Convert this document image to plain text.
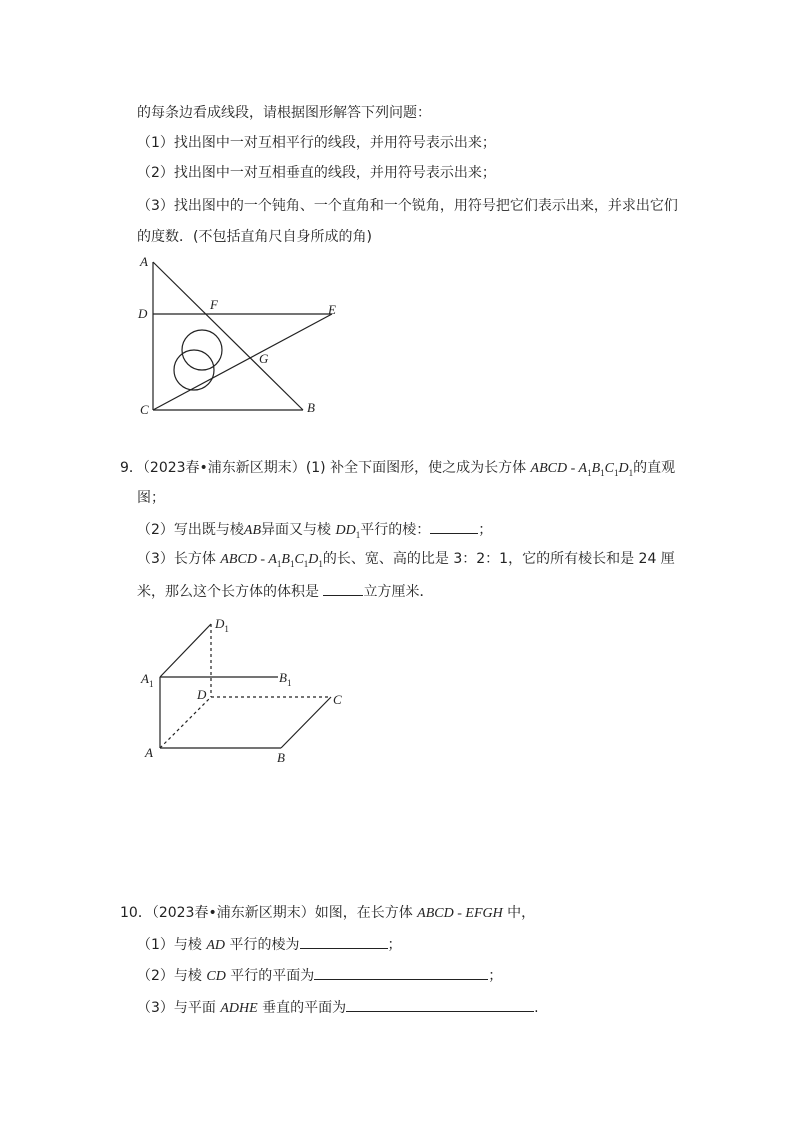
的每条边看成线段，请根据图形解答下列问题：
（1）找出图中一对互相平行的线段，并用符号表示出来；
（2）找出图中一对互相垂直的线段，并用符号表示出来；
（3）找出图中的一个钝角、一个直角和一个锐角，用符号把它们表示出来，并求出它们
的度数．(不包括直角尺自身所成的角)
A
D
F	E
G
C	B
9．（2023春•浦东新区期末）(1) 补全下面图形，使之成为长方体 ABCD - $A_1B_1C_1D_1$的直观
图；
（2）写出既与棱AB异面又与棱 $DD_1$平行的棱：	；
（3）长方体 ABCD - $A_1B_1C_1D_1$的长、宽、高的比是 3：2：1，它的所有棱长和是 24 厘
米，那么这个长方体的体积是	立方厘米．
$D_1$
$A_1$	$B_1$
D	C
A	B
10．（2023春•浦东新区期末）如图，在长方体 ABCD - EFGH 中，
（1）与棱 AD 平行的棱为	；
（2）与棱 CD 平行的平面为	；
（3）与平面 ADHE 垂直的平面为	.
